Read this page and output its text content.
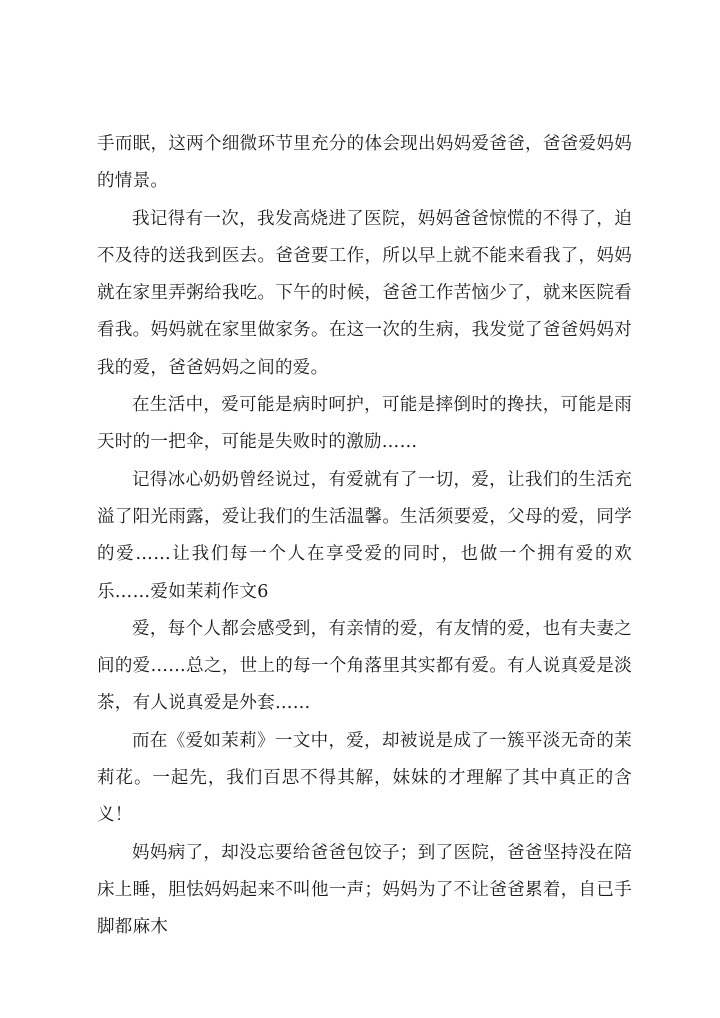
手而眠，这两个细微环节里充分的体会现出妈妈爱爸爸，爸爸爱妈妈的情景。

我记得有一次，我发高烧进了医院，妈妈爸爸惊慌的不得了，迫不及待的送我到医去。爸爸要工作，所以早上就不能来看我了，妈妈就在家里弄粥给我吃。下午的时候，爸爸工作苦恼少了，就来医院看看我。妈妈就在家里做家务。在这一次的生病，我发觉了爸爸妈妈对我的爱，爸爸妈妈之间的爱。

在生活中，爱可能是病时呵护，可能是摔倒时的搀扶，可能是雨天时的一把伞，可能是失败时的激励……

记得冰心奶奶曾经说过，有爱就有了一切，爱，让我们的生活充溢了阳光雨露，爱让我们的生活温馨。生活须要爱，父母的爱，同学的爱……让我们每一个人在享受爱的同时，也做一个拥有爱的欢乐……爱如茉莉作文6

爱，每个人都会感受到，有亲情的爱，有友情的爱，也有夫妻之间的爱……总之，世上的每一个角落里其实都有爱。有人说真爱是淡茶，有人说真爱是外套……

而在《爱如茉莉》一文中，爱，却被说是成了一簇平淡无奇的茉莉花。一起先，我们百思不得其解，妹妹的才理解了其中真正的含义！

妈妈病了，却没忘要给爸爸包饺子；到了医院，爸爸坚持没在陪床上睡，胆怯妈妈起来不叫他一声；妈妈为了不让爸爸累着，自已手脚都麻木
